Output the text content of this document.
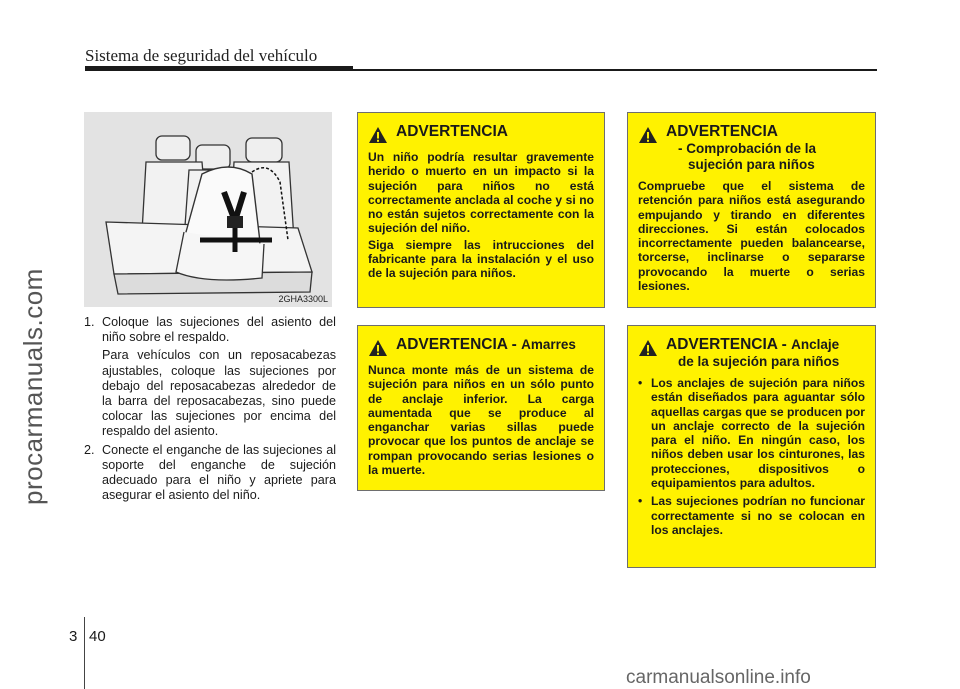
Sistema de seguridad del vehículo
procarmanuals.com	2GHA3300L
1. Coloque las sujeciones del asiento del niño sobre el respaldo.

Para vehículos con un reposacabezas ajustables, coloque las sujeciones por debajo del reposacabezas alrededor de la barra del reposacabezas, sino puede colocar las sujeciones por encima del respaldo del asiento.

2. Conecte el enganche de las sujeciones al soporte del enganche de sujeción adecuado para el niño y apriete para asegurar el asiento del niño.

ADVERTENCIA

Un niño podría resultar gravemente herido o muerto en un impacto si la sujeción para niños no está correctamente anclada al coche y si no no están sujetos correctamente con la sujeción del niño.

Siga siempre las intrucciones del fabricante para la instalación y el uso de la sujeción para niños.

ADVERTENCIA
- Comprobación de la
sujeción para niños

Compruebe que el sistema de retención para niños está asegurando empujando y tirando en diferentes direcciones. Si están colocados incorrectamente pueden balancearse, torcerse, inclinarse o separarse provocando la muerte o serias lesiones.

ADVERTENCIA - Amarres

Nunca monte más de un sistema de sujeción para niños en un sólo punto de anclaje inferior. La carga aumentada que se produce al enganchar varias sillas puede provocar que los puntos de anclaje se rompan provocando serias lesiones o la muerte.

ADVERTENCIA - Anclaje
de la sujeción para niños
• Los anclajes de sujeción para niños están diseñados para aguantar sólo aquellas cargas que se producen por un anclaje correcto de la sujeción para el niño. En ningún caso, los niños deben usar los cinturones, las protecciones, dispositivos o equipamientos para adultos.
• Las sujeciones podrían no funcionar correctamente si no se colocan en los anclajes.
3 40
carmanualsonline.info
